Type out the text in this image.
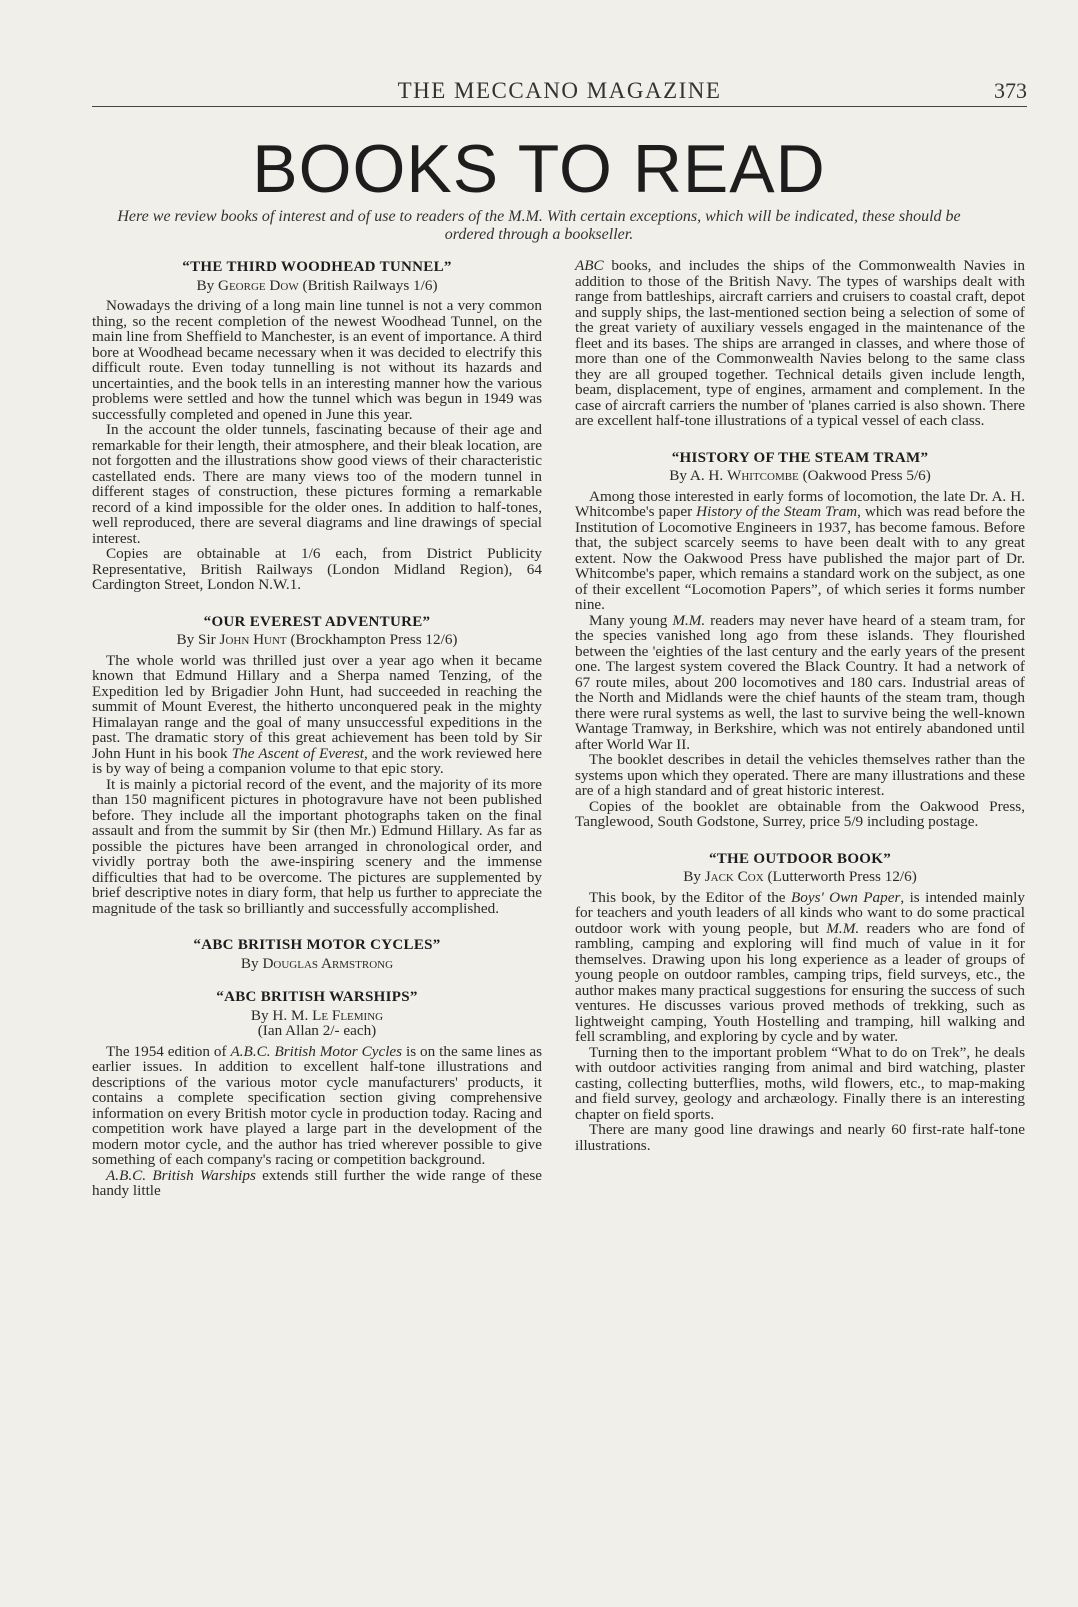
THE MECCANO MAGAZINE	373
BOOKS TO READ
Here we review books of interest and of use to readers of the M.M. With certain exceptions, which will be indicated, these should be ordered through a bookseller.
“THE THIRD WOODHEAD TUNNEL”
By George Dow (British Railways 1/6)

Nowadays the driving of a long main line tunnel is not a very common thing, so the recent completion of the newest Woodhead Tunnel, on the main line from Sheffield to Manchester, is an event of importance. A third bore at Woodhead became necessary when it was decided to electrify this difficult route. Even today tunnelling is not without its hazards and uncertainties, and the book tells in an interesting manner how the various problems were settled and how the tunnel which was begun in 1949 was successfully completed and opened in June this year.

In the account the older tunnels, fascinating because of their age and remarkable for their length, their atmosphere, and their bleak location, are not forgotten and the illustrations show good views of their characteristic castellated ends. There are many views too of the modern tunnel in different stages of construction, these pictures forming a remarkable record of a kind impossible for the older ones. In addition to half-tones, well reproduced, there are several diagrams and line drawings of special interest.

Copies are obtainable at 1/6 each, from District Publicity Representative, British Railways (London Midland Region), 64 Cardington Street, London N.W.1.

“OUR EVEREST ADVENTURE”
By Sir John Hunt (Brockhampton Press 12/6)

The whole world was thrilled just over a year ago when it became known that Edmund Hillary and a Sherpa named Tenzing, of the Expedition led by Brigadier John Hunt, had succeeded in reaching the summit of Mount Everest, the hitherto unconquered peak in the mighty Himalayan range and the goal of many unsuccessful expeditions in the past. The dramatic story of this great achievement has been told by Sir John Hunt in his book The Ascent of Everest, and the work reviewed here is by way of being a companion volume to that epic story.

It is mainly a pictorial record of the event, and the majority of its more than 150 magnificent pictures in photogravure have not been published before. They include all the important photographs taken on the final assault and from the summit by Sir (then Mr.) Edmund Hillary. As far as possible the pictures have been arranged in chronological order, and vividly portray both the awe-inspiring scenery and the immense difficulties that had to be overcome. The pictures are supplemented by brief descriptive notes in diary form, that help us further to appreciate the magnitude of the task so brilliantly and successfully accomplished.

“ABC BRITISH MOTOR CYCLES”
By Douglas Armstrong
“ABC BRITISH WARSHIPS”
By H. M. Le Fleming
(Ian Allan 2/- each)

The 1954 edition of A.B.C. British Motor Cycles is on the same lines as earlier issues. In addition to excellent half-tone illustrations and descriptions of the various motor cycle manufacturers' products, it contains a complete specification section giving comprehensive information on every British motor cycle in production today. Racing and competition work have played a large part in the development of the modern motor cycle, and the author has tried wherever possible to give something of each company's racing or competition background.

A.B.C. British Warships extends still further the wide range of these handy little

ABC books, and includes the ships of the Commonwealth Navies in addition to those of the British Navy. The types of warships dealt with range from battleships, aircraft carriers and cruisers to coastal craft, depot and supply ships, the last-mentioned section being a selection of some of the great variety of auxiliary vessels engaged in the maintenance of the fleet and its bases. The ships are arranged in classes, and where those of more than one of the Commonwealth Navies belong to the same class they are all grouped together. Technical details given include length, beam, displacement, type of engines, armament and complement. In the case of aircraft carriers the number of 'planes carried is also shown. There are excellent half-tone illustrations of a typical vessel of each class.

“HISTORY OF THE STEAM TRAM”
By A. H. Whitcombe (Oakwood Press 5/6)

Among those interested in early forms of locomotion, the late Dr. A. H. Whitcombe's paper History of the Steam Tram, which was read before the Institution of Locomotive Engineers in 1937, has become famous. Before that, the subject scarcely seems to have been dealt with to any great extent. Now the Oakwood Press have published the major part of Dr. Whitcombe's paper, which remains a standard work on the subject, as one of their excellent “Locomotion Papers”, of which series it forms number nine.

Many young M.M. readers may never have heard of a steam tram, for the species vanished long ago from these islands. They flourished between the 'eighties of the last century and the early years of the present one. The largest system covered the Black Country. It had a network of 67 route miles, about 200 locomotives and 180 cars. Industrial areas of the North and Midlands were the chief haunts of the steam tram, though there were rural systems as well, the last to survive being the well-known Wantage Tramway, in Berkshire, which was not entirely abandoned until after World War II.

The booklet describes in detail the vehicles themselves rather than the systems upon which they operated. There are many illustrations and these are of a high standard and of great historic interest.

Copies of the booklet are obtainable from the Oakwood Press, Tanglewood, South Godstone, Surrey, price 5/9 including postage.

“THE OUTDOOR BOOK”
By Jack Cox (Lutterworth Press 12/6)

This book, by the Editor of the Boys' Own Paper, is intended mainly for teachers and youth leaders of all kinds who want to do some practical outdoor work with young people, but M.M. readers who are fond of rambling, camping and exploring will find much of value in it for themselves. Drawing upon his long experience as a leader of groups of young people on outdoor rambles, camping trips, field surveys, etc., the author makes many practical suggestions for ensuring the success of such ventures. He discusses various proved methods of trekking, such as lightweight camping, Youth Hostelling and tramping, hill walking and fell scrambling, and exploring by cycle and by water.

Turning then to the important problem “What to do on Trek”, he deals with outdoor activities ranging from animal and bird watching, plaster casting, collecting butterflies, moths, wild flowers, etc., to map-making and field survey, geology and archæology. Finally there is an interesting chapter on field sports.

There are many good line drawings and nearly 60 first-rate half-tone illustrations.
